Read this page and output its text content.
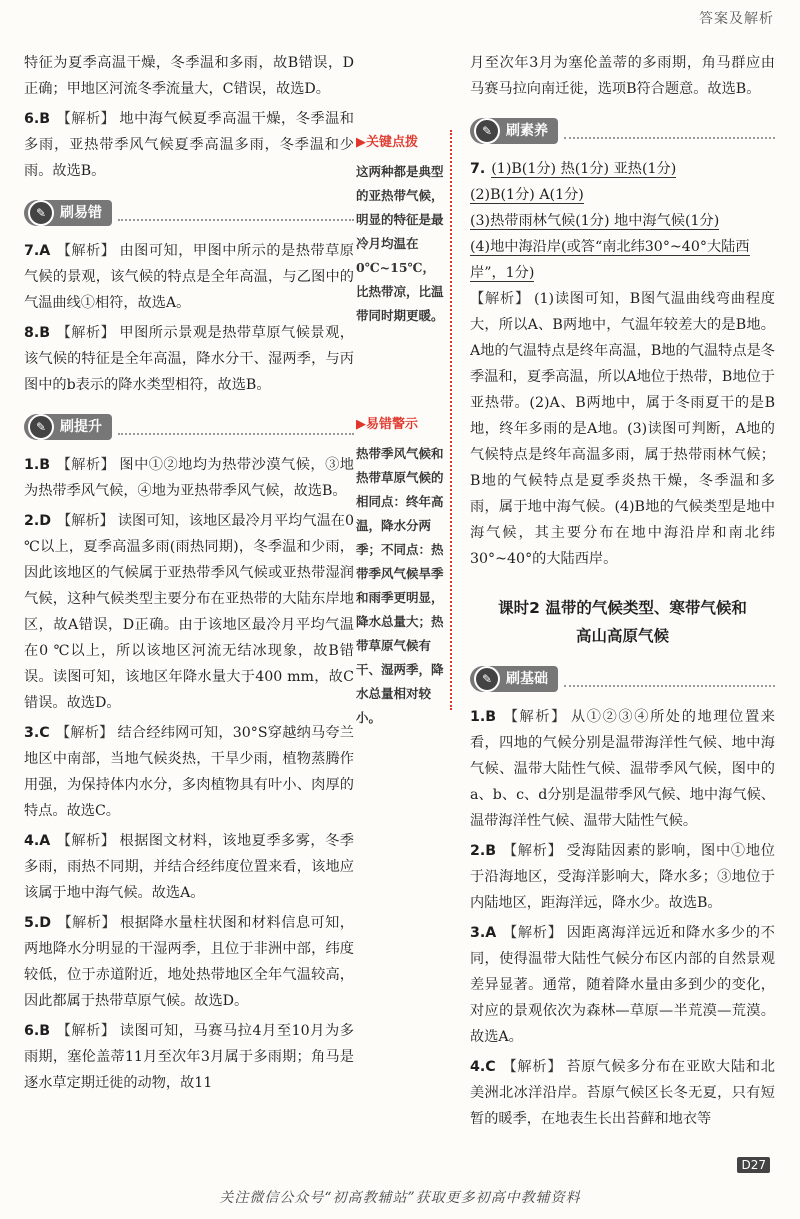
答案及解析

特征为夏季高温干燥，冬季温和多雨，故B错误，D正确；甲地区河流冬季流量大，C错误，故选D。

6.B 【解析】 地中海气候夏季高温干燥，冬季温和多雨，亚热带季风气候夏季高温多雨，冬季温和少雨。故选B。

✎ 刷易错

7.A 【解析】 由图可知，甲图中所示的是热带草原气候的景观，该气候的特点是全年高温，与乙图中的气温曲线①相符，故选A。

8.B 【解析】 甲图所示景观是热带草原气候景观，该气候的特征是全年高温，降水分干、湿两季，与丙图中的b表示的降水类型相符，故选B。

✎ 刷提升

1.B 【解析】 图中①②地均为热带沙漠气候，③地为热带季风气候，④地为亚热带季风气候，故选B。

2.D 【解析】 读图可知，该地区最冷月平均气温在0 ℃以上，夏季高温多雨(雨热同期)，冬季温和少雨，因此该地区的气候属于亚热带季风气候或亚热带湿润气候，这种气候类型主要分布在亚热带的大陆东岸地区，故A错误，D正确。由于该地区最冷月平均气温在0 ℃以上，所以该地区河流无结冰现象，故B错误。读图可知，该地区年降水量大于400 mm，故C错误。故选D。

3.C 【解析】 结合经纬网可知，30°S穿越纳马夸兰地区中南部，当地气候炎热，干旱少雨，植物蒸腾作用强，为保持体内水分，多肉植物具有叶小、肉厚的特点。故选C。

4.A 【解析】 根据图文材料，该地夏季多雾，冬季多雨，雨热不同期，并结合经纬度位置来看，该地应该属于地中海气候。故选A。

5.D 【解析】 根据降水量柱状图和材料信息可知，两地降水分明显的干湿两季，且位于非洲中部，纬度较低，位于赤道附近，地处热带地区全年气温较高，因此都属于热带草原气候。故选D。

6.B 【解析】 读图可知，马赛马拉4月至10月为多雨期，塞伦盖蒂11月至次年3月属于多雨期；角马是逐水草定期迁徙的动物，故11

▶关键点拨
这两种都是典型的亚热带气候，明显的特征是最冷月均温在0℃~15℃，比热带凉，比温带同时期更暖。
▶易错警示
热带季风气候和热带草原气候的相同点：终年高温，降水分两季；不同点：热带季风气候旱季和雨季更明显，降水总量大；热带草原气候有干、湿两季，降水总量相对较小。

月至次年3月为塞伦盖蒂的多雨期，角马群应由马赛马拉向南迁徙，选项B符合题意。故选B。

✎ 刷素养
7. (1)B(1分) 热(1分) 亚热(1分)
(2)B(1分) A(1分)
(3)热带雨林气候(1分) 地中海气候(1分)
(4)地中海沿岸(或答“南北纬30°~40°大陆西岸”，1分)

【解析】 (1)读图可知，B图气温曲线弯曲程度大，所以A、B两地中，气温年较差大的是B地。A地的气温特点是终年高温，B地的气温特点是冬季温和，夏季高温，所以A地位于热带，B地位于亚热带。(2)A、B两地中，属于冬雨夏干的是B地，终年多雨的是A地。(3)读图可判断，A地的气候特点是终年高温多雨，属于热带雨林气候；B地的气候特点是夏季炎热干燥，冬季温和多雨，属于地中海气候。(4)B地的气候类型是地中海气候，其主要分布在地中海沿岸和南北纬30°~40°的大陆西岸。

课时2 温带的气候类型、寒带气候和
高山高原气候
✎ 刷基础

1.B 【解析】 从①②③④所处的地理位置来看，四地的气候分别是温带海洋性气候、地中海气候、温带大陆性气候、温带季风气候，图中的a、b、c、d分别是温带季风气候、地中海气候、温带海洋性气候、温带大陆性气候。

2.B 【解析】 受海陆因素的影响，图中①地位于沿海地区，受海洋影响大，降水多；③地位于内陆地区，距海洋远，降水少。故选B。

3.A 【解析】 因距离海洋远近和降水多少的不同，使得温带大陆性气候分布区内部的自然景观差异显著。通常，随着降水量由多到少的变化，对应的景观依次为森林—草原—半荒漠—荒漠。故选A。

4.C 【解析】 苔原气候多分布在亚欧大陆和北美洲北冰洋沿岸。苔原气候区长冬无夏，只有短暂的暖季，在地表生长出苔藓和地衣等

D27
关注微信公众号“初高教辅站”获取更多初高中教辅资料
